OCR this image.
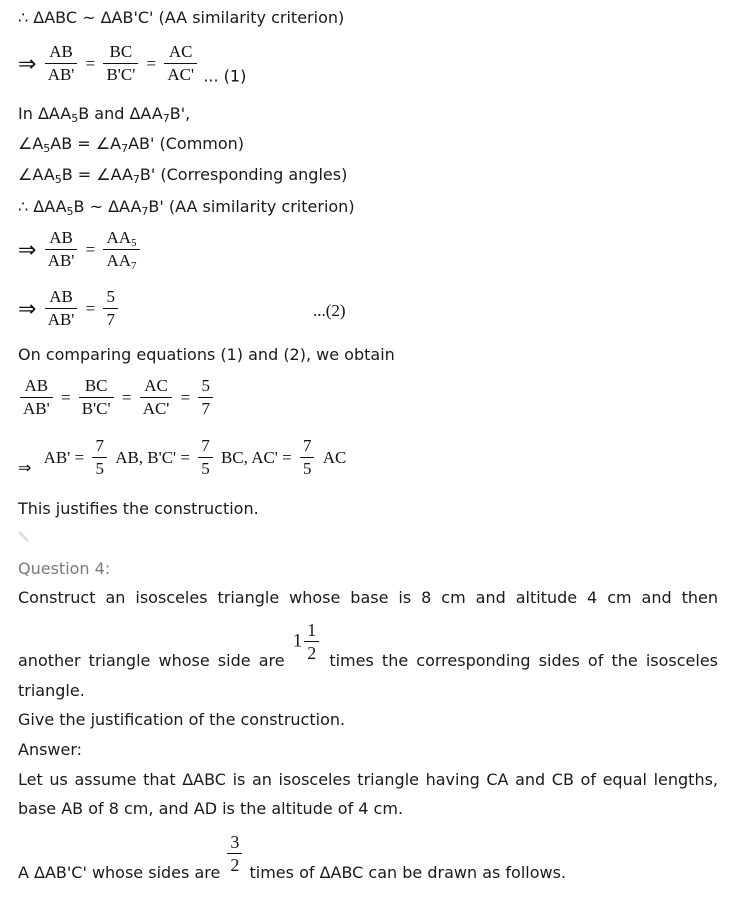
∴ ΔABC ~ ΔAB'C' (AA similarity criterion)
⇒ $\frac{AB}{AB'} = \frac{BC}{B'C'} = \frac{AC}{AC'}$ ... (1)
In $\Delta AA_5B$ and $\Delta AA_7B'$,
$\angle A_5AB$ = $\angle A_7AB'$ (Common)
$\angle AA_5B$ = $\angle AA_7B'$ (Corresponding angles)
∴ $\Delta AA_5B$ ~ $\Delta AA_7B'$ (AA similarity criterion)
⇒ $\frac{AB}{AB'} = \frac{AA_5}{AA_7}$
⇒ $\frac{AB}{AB'} = \frac{5}{7}$	...(2)
On comparing equations (1) and (2), we obtain
$\frac{AB}{AB'} = \frac{BC}{B'C'} = \frac{AC}{AC'} = \frac{5}{7}$
⇒ $AB' = \frac{7}{5}$ AB, $B'C' = \frac{7}{5}$ BC, $AC' = \frac{7}{5}$ AC
This justifies the construction.
Question 4:
Construct an isosceles triangle whose base is 8 cm and altitude 4 cm and then
another triangle whose side are $1 \frac{1}{2}$ times the corresponding sides of the isosceles
triangle.
Give the justification of the construction.
Answer:
Let us assume that ΔABC is an isosceles triangle having CA and CB of equal lengths,
base AB of 8 cm, and AD is the altitude of 4 cm.
A ΔAB'C' whose sides are $\frac{3}{2}$ times of ΔABC can be drawn as follows.
